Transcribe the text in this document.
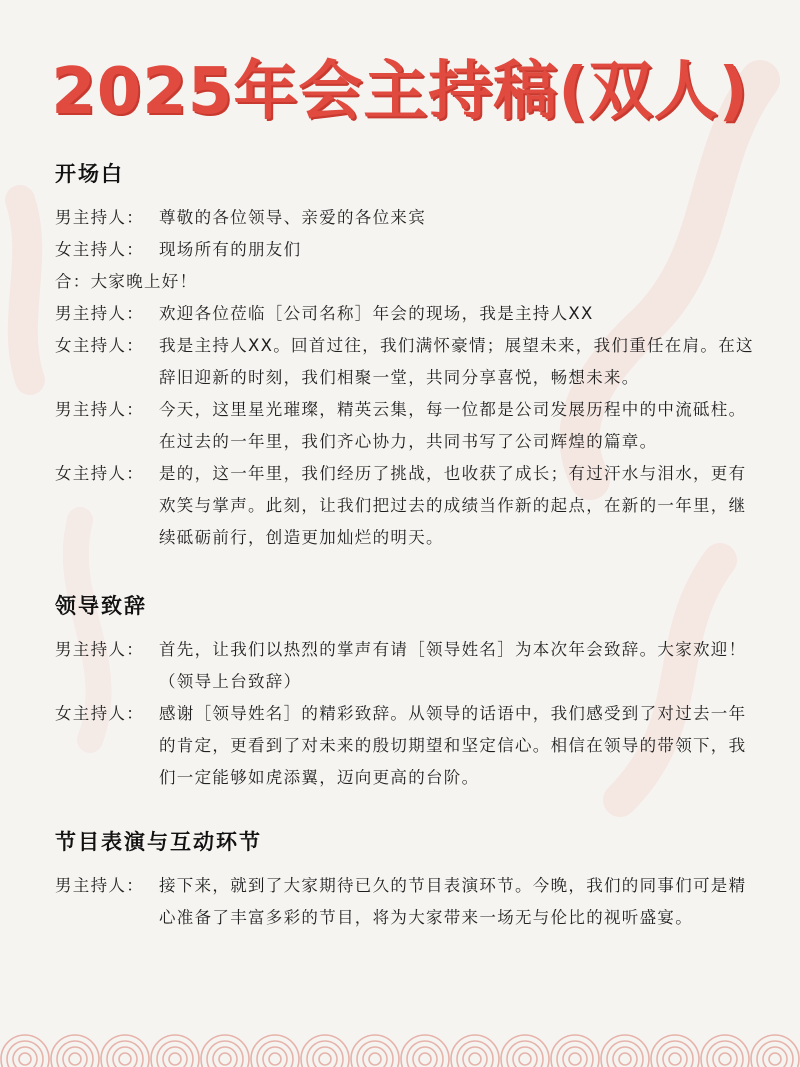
2025年会主持稿(双人)
开场白
男主持人： 尊敬的各位领导、亲爱的各位来宾
女主持人： 现场所有的朋友们
合：大家晚上好！
男主持人： 欢迎各位莅临［公司名称］年会的现场，我是主持人XX
女主持人： 我是主持人XX。回首过往，我们满怀豪情；展望未来，我们重任在肩。在这辞旧迎新的时刻，我们相聚一堂，共同分享喜悦，畅想未来。
男主持人： 今天，这里星光璀璨，精英云集，每一位都是公司发展历程中的中流砥柱。在过去的一年里，我们齐心协力，共同书写了公司辉煌的篇章。
女主持人： 是的，这一年里，我们经历了挑战，也收获了成长；有过汗水与泪水，更有欢笑与掌声。此刻，让我们把过去的成绩当作新的起点，在新的一年里，继续砥砺前行，创造更加灿烂的明天。
领导致辞
男主持人： 首先，让我们以热烈的掌声有请［领导姓名］为本次年会致辞。大家欢迎！
（领导上台致辞）
女主持人： 感谢［领导姓名］的精彩致辞。从领导的话语中，我们感受到了对过去一年的肯定，更看到了对未来的殷切期望和坚定信心。相信在领导的带领下，我们一定能够如虎添翼，迈向更高的台阶。
节目表演与互动环节
男主持人： 接下来，就到了大家期待已久的节目表演环节。今晚，我们的同事们可是精心准备了丰富多彩的节目，将为大家带来一场无与伦比的视听盛宴。
